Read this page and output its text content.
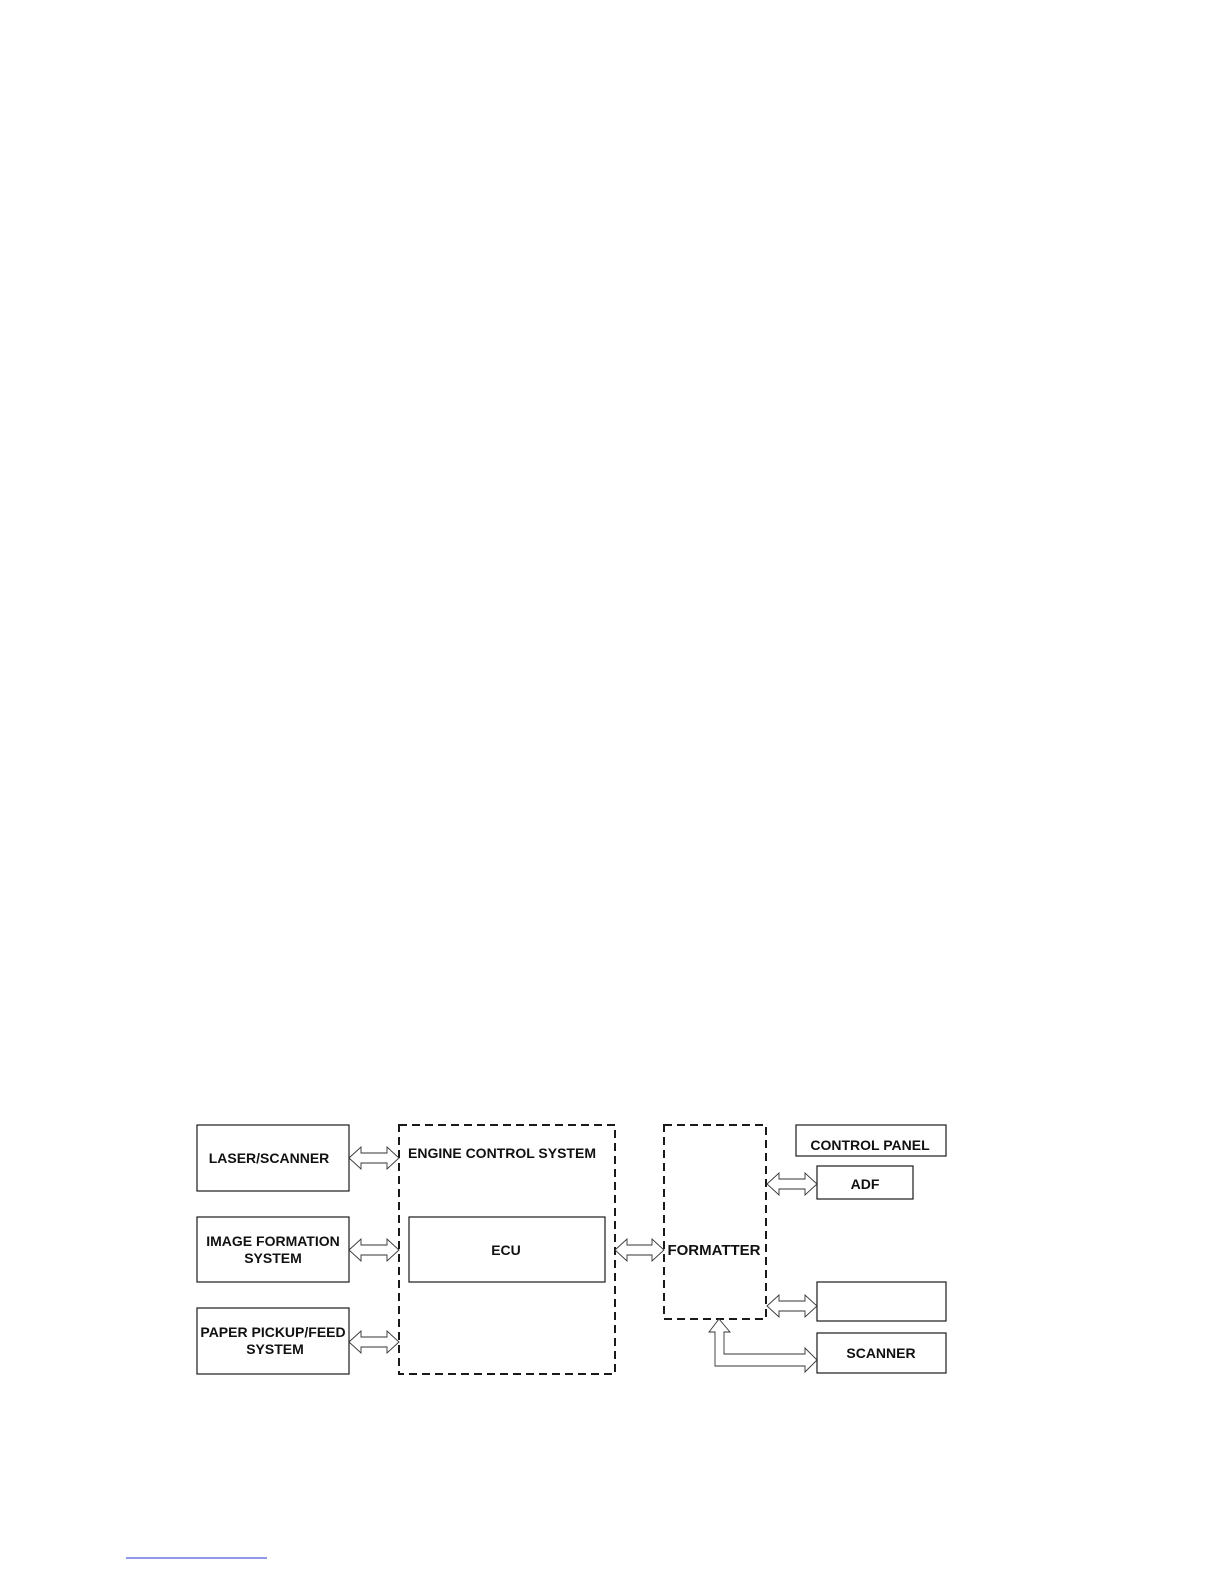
LASER/SCANNER
IMAGE FORMATION
SYSTEM
PAPER PICKUP/FEED
SYSTEM
ENGINE CONTROL SYSTEM
ECU	FORMATTER
CONTROL PANEL
ADF
SCANNER
